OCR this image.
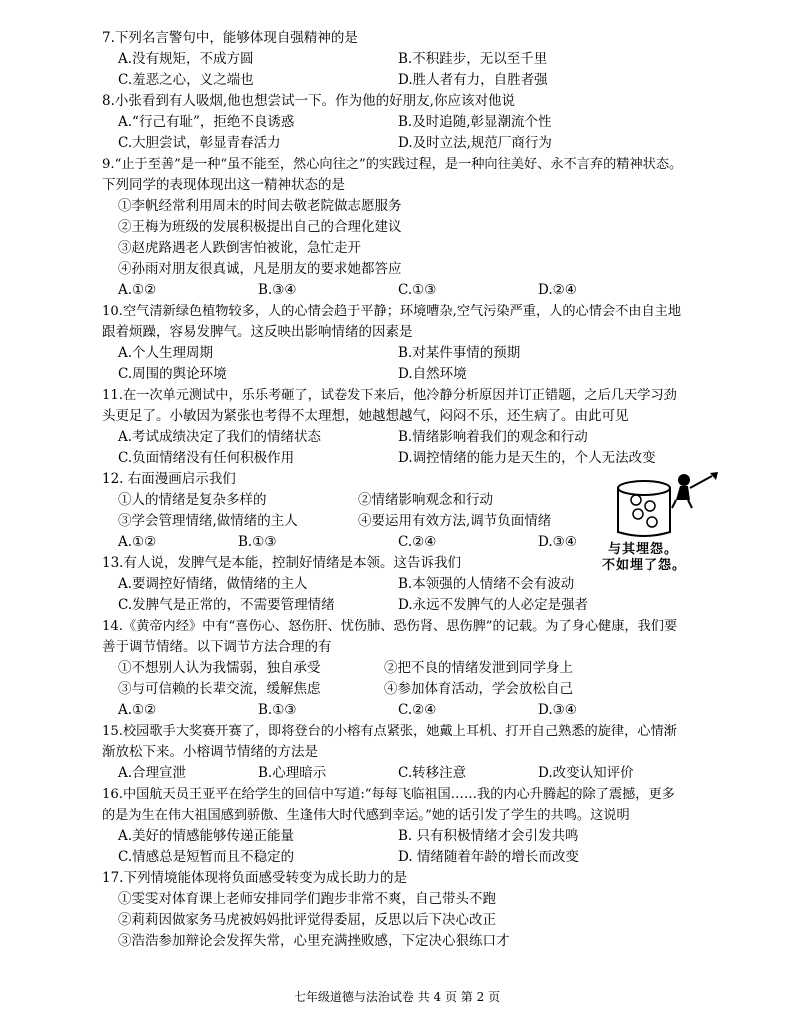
7.下列名言警句中，能够体现自强精神的是
A.没有规矩，不成方圆	B.不积跬步，无以至千里
C.羞恶之心，义之端也	D.胜人者有力，自胜者强
8.小张看到有人吸烟,他也想尝试一下。作为他的好朋友,你应该对他说
A.“行己有耻”，拒绝不良诱惑	B.及时追随,彰显潮流个性
C.大胆尝试，彰显青春活力	D.及时立法,规范厂商行为
9.“止于至善”是一种“虽不能至，然心向往之”的实践过程，是一种向往美好、永不言弃的精神状态。
下列同学的表现体现出这一精神状态的是
①李帆经常利用周末的时间去敬老院做志愿服务
②王梅为班级的发展积极提出自己的合理化建议
③赵虎路遇老人跌倒害怕被讹，急忙走开
④孙雨对朋友很真诚，凡是朋友的要求她都答应
A.①②	B.③④	C.①③	D.②④
10.空气清新绿色植物较多，人的心情会趋于平静；环境嘈杂,空气污染严重，人的心情会不由自主地
跟着烦躁，容易发脾气。这反映出影响情绪的因素是
A.个人生理周期	B.对某件事情的预期
C.周围的舆论环境	D.自然环境
11.在一次单元测试中，乐乐考砸了，试卷发下来后，他冷静分析原因并订正错题，之后几天学习劲
头更足了。小敏因为紧张也考得不太理想，她越想越气，闷闷不乐，还生病了。由此可见
A.考试成绩决定了我们的情绪状态	B.情绪影响着我们的观念和行动
C.负面情绪没有任何积极作用	D.调控情绪的能力是天生的，个人无法改变
12. 右面漫画启示我们
①人的情绪是复杂多样的	②情绪影响观念和行动
③学会管理情绪,做情绪的主人	④要运用有效方法,调节负面情绪
A.①②	B.①③	C.②④	D.③④ 与其埋怨。
不如埋了怨。
13.有人说，发脾气是本能，控制好情绪是本领。这告诉我们
A.要调控好情绪，做情绪的主人	B.本领强的人情绪不会有波动
C.发脾气是正常的，不需要管理情绪	D.永远不发脾气的人必定是强者
14.《黄帝内经》中有“喜伤心、怒伤肝、忧伤肺、恐伤肾、思伤脾”的记载。为了身心健康，我们要
善于调节情绪。以下调节方法合理的有
①不想别人认为我懦弱，独自承受	②把不良的情绪发泄到同学身上
③与可信赖的长辈交流，缓解焦虑	④参加体育活动，学会放松自己
A.①②	B.①③	C.②④	D.③④
15.校园歌手大奖赛开赛了，即将登台的小榕有点紧张，她戴上耳机、打开自己熟悉的旋律，心情渐
渐放松下来。小榕调节情绪的方法是
A.合理宣泄	B.心理暗示	C.转移注意	D.改变认知评价
16.中国航天员王亚平在给学生的回信中写道:“每每飞临祖国……我的内心升腾起的除了震撼，更多
的是为生在伟大祖国感到骄傲、生逢伟大时代感到幸运。”她的话引发了学生的共鸣。这说明
A.美好的情感能够传递正能量	B. 只有积极情绪才会引发共鸣
C.情感总是短暂而且不稳定的	D. 情绪随着年龄的增长而改变
17.下列情境能体现将负面感受转变为成长助力的是
①雯雯对体育课上老师安排同学们跑步非常不爽，自己带头不跑
②莉莉因做家务马虎被妈妈批评觉得委屈，反思以后下决心改正
③浩浩参加辩论会发挥失常，心里充满挫败感，下定决心狠练口才
七年级道德与法治试卷 共 4 页 第 2 页
